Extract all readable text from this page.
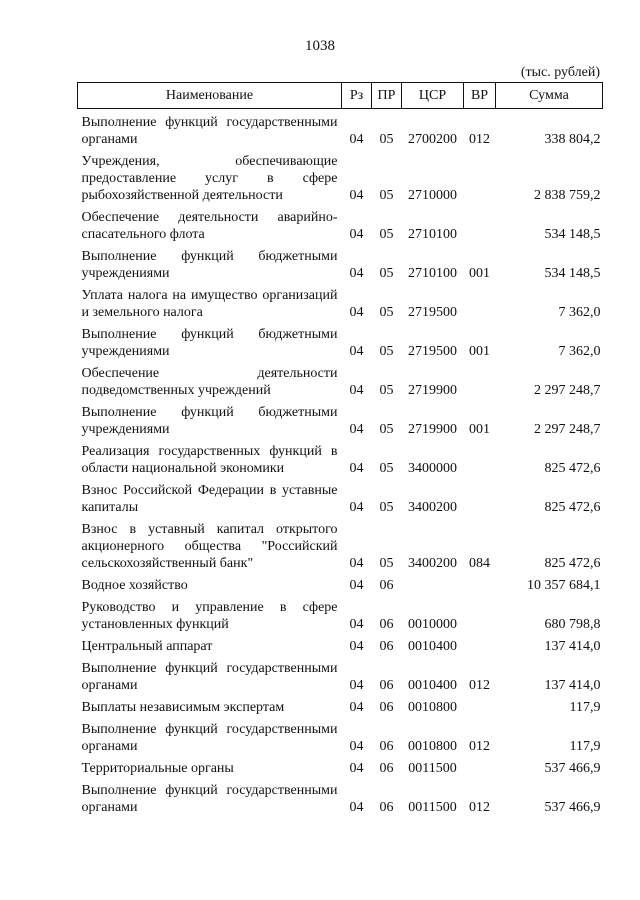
1038
(тыс. рублей)
Наименование	Рз	ПР	ЦСР	ВР	Сумма
Выполнение функций государственными органами	04	05	2700200	012	338 804,2
Учреждения, обеспечивающие предоставление услуг в сфере рыбохозяйственной деятельности	04	05	2710000		2 838 759,2
Обеспечение деятельности аварийно-спасательного флота	04	05	2710100		534 148,5
Выполнение функций бюджетными учреждениями	04	05	2710100	001	534 148,5
Уплата налога на имущество организаций и земельного налога	04	05	2719500		7 362,0
Выполнение функций бюджетными учреждениями	04	05	2719500	001	7 362,0
Обеспечение деятельности подведомственных учреждений	04	05	2719900		2 297 248,7
Выполнение функций бюджетными учреждениями	04	05	2719900	001	2 297 248,7
Реализация государственных функций в области национальной экономики	04	05	3400000		825 472,6
Взнос Российской Федерации в уставные капиталы	04	05	3400200		825 472,6
Взнос в уставный капитал открытого акционерного общества "Российский сельскохозяйственный банк"	04	05	3400200	084	825 472,6
Водное хозяйство	04	06			10 357 684,1
Руководство и управление в сфере установленных функций	04	06	0010000		680 798,8
Центральный аппарат	04	06	0010400		137 414,0
Выполнение функций государственными органами	04	06	0010400	012	137 414,0
Выплаты независимым экспертам	04	06	0010800		117,9
Выполнение функций государственными органами	04	06	0010800	012	117,9
Территориальные органы	04	06	0011500		537 466,9
Выполнение функций государственными органами	04	06	0011500	012	537 466,9
